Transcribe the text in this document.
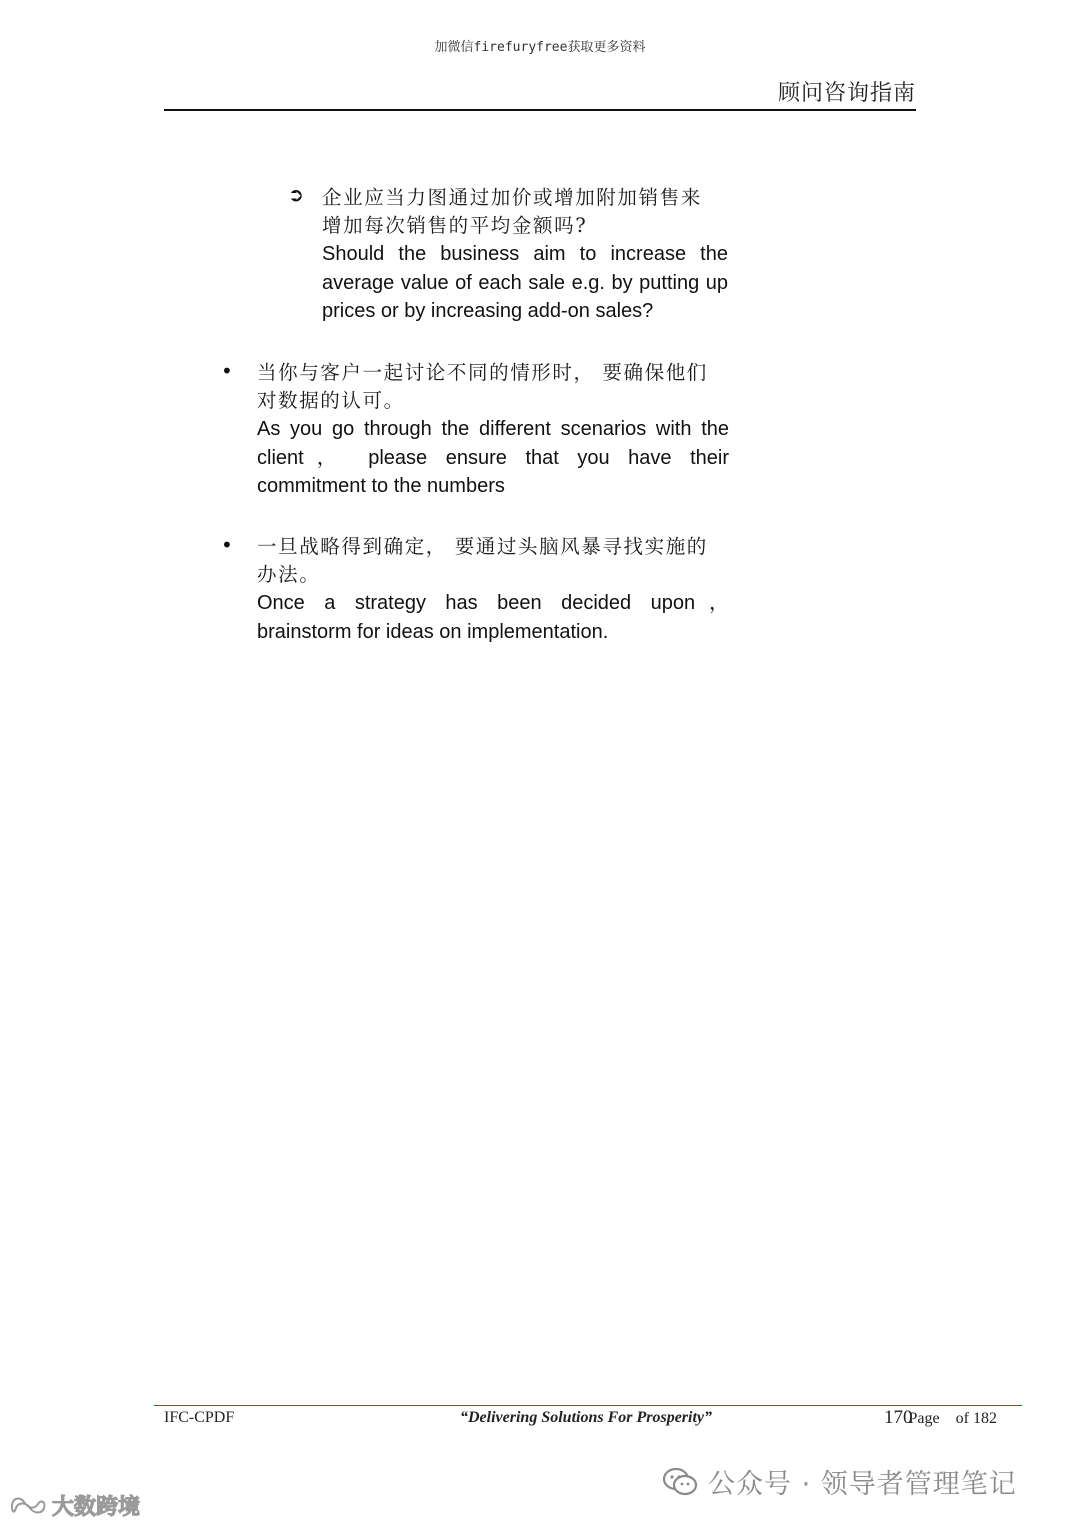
加微信firefuryfree获取更多资料
顾问咨询指南
➲ 企业应当力图通过加价或增加附加销售来
增加每次销售的平均金额吗?
Should the business aim to increase the average value of each sale e.g. by putting up prices or by increasing add-on sales?
• 当你与客户一起讨论不同的情形时， 要确保他们
对数据的认可。
As you go through the different scenarios with the client， please ensure that you have their commitment to the numbers
• 一旦战略得到确定， 要通过头脑风暴寻找实施的
办法。
Once a strategy has been decided upon， brainstorm for ideas on implementation.
IFC-CPDF	“Delivering Solutions For Prosperity”	170Page of 182
公众号 · 领导者管理笔记
大数跨境
